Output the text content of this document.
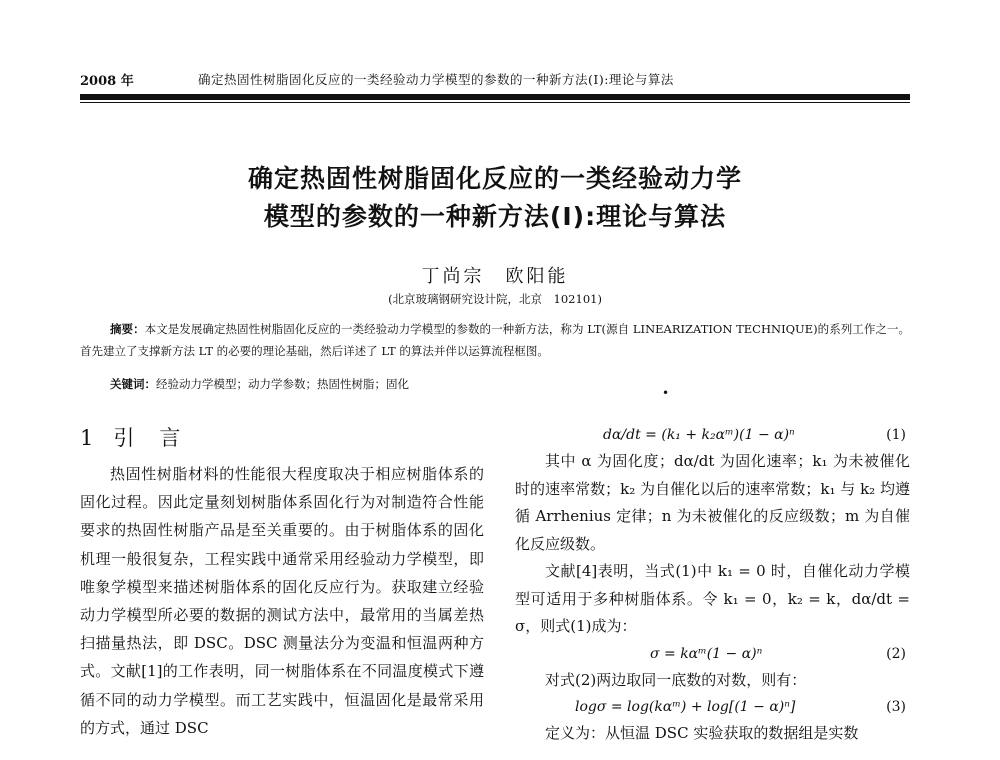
2008 年	确定热固性树脂固化反应的一类经验动力学模型的参数的一种新方法(Ⅰ):理论与算法
确定热固性树脂固化反应的一类经验动力学
模型的参数的一种新方法(Ⅰ):理论与算法
丁尚宗　欧阳能
(北京玻璃钢研究设计院，北京　102101)
摘要：本文是发展确定热固性树脂固化反应的一类经验动力学模型的参数的一种新方法，称为 LT(源自 LINEARIZATION TECHNIQUE)的系列工作之一。首先建立了支撑新方法 LT 的必要的理论基础，然后详述了 LT 的算法并伴以运算流程框图。
关键词：经验动力学模型；动力学参数；热固性树脂；固化
•
1 引　言

热固性树脂材料的性能很大程度取决于相应树脂体系的固化过程。因此定量刻划树脂体系固化行为对制造符合性能要求的热固性树脂产品是至关重要的。由于树脂体系的固化机理一般很复杂，工程实践中通常采用经验动力学模型，即唯象学模型来描述树脂体系的固化反应行为。获取建立经验动力学模型所必要的数据的测试方法中，最常用的当属差热扫描量热法，即 DSC。DSC 测量法分为变温和恒温两种方式。文献[1]的工作表明，同一树脂体系在不同温度模式下遵循不同的动力学模型。而工艺实践中，恒温固化是最常采用的方式，通过 DSC

dα/dt = (k₁ + k₂αᵐ)(1 − α)ⁿ	(1)

其中 α 为固化度；dα/dt 为固化速率；k₁ 为未被催化时的速率常数；k₂ 为自催化以后的速率常数；k₁ 与 k₂ 均遵循 Arrhenius 定律；n 为未被催化的反应级数；m 为自催化反应级数。

文献[4]表明，当式(1)中 k₁ = 0 时，自催化动力学模型可适用于多种树脂体系。令 k₁ = 0，k₂ = k，dα/dt = σ，则式(1)成为：

σ = kαᵐ(1 − α)ⁿ	(2)

对式(2)两边取同一底数的对数，则有：

logσ = log(kαᵐ) + log[(1 − α)ⁿ]	(3)

定义为：从恒温 DSC 实验获取的数据组是实数
